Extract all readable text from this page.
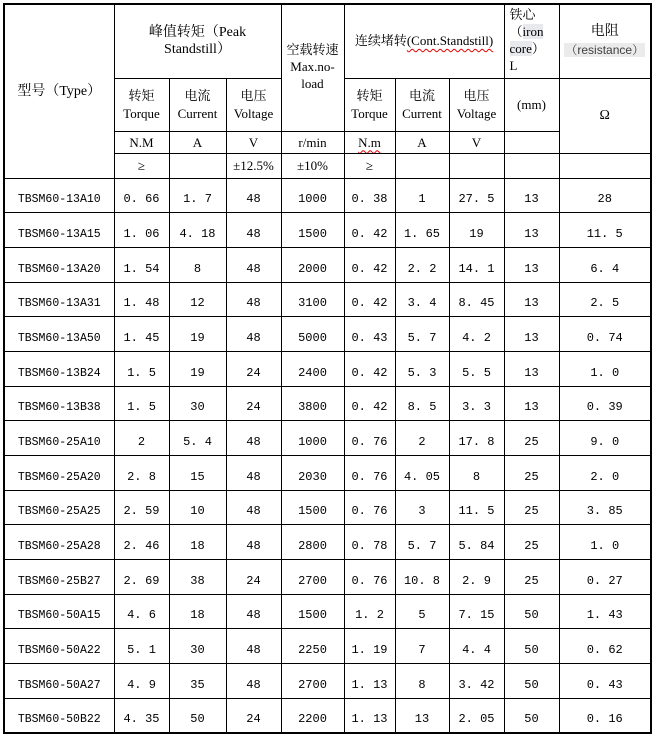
型号（Type）	峰值转矩（Peak Standstill）			空载转速 Max.no-load	连续堵转(Cont.Standstill)			铁心
（iron
core）
L	电阻
（resistance）
	转矩 Torque	电流 Current	电压 Voltage		转矩 Torque	电流 Current	电压 Voltage	(mm)	Ω
	N.M	A	V	r/min	N.m	A	V		
	≥		±12.5%	±10%	≥				
TBSM60-13A10	0. 66	1. 7	48	1000	0. 38	1	27. 5	13	28
TBSM60-13A15	1. 06	4. 18	48	1500	0. 42	1. 65	19	13	11. 5
TBSM60-13A20	1. 54	8	48	2000	0. 42	2. 2	14. 1	13	6. 4
TBSM60-13A31	1. 48	12	48	3100	0. 42	3. 4	8. 45	13	2. 5
TBSM60-13A50	1. 45	19	48	5000	0. 43	5. 7	4. 2	13	0. 74
TBSM60-13B24	1. 5	19	24	2400	0. 42	5. 3	5. 5	13	1. 0
TBSM60-13B38	1. 5	30	24	3800	0. 42	8. 5	3. 3	13	0. 39
TBSM60-25A10	2	5. 4	48	1000	0. 76	2	17. 8	25	9. 0
TBSM60-25A20	2. 8	15	48	2030	0. 76	4. 05	8	25	2. 0
TBSM60-25A25	2. 59	10	48	1500	0. 76	3	11. 5	25	3. 85
TBSM60-25A28	2. 46	18	48	2800	0. 78	5. 7	5. 84	25	1. 0
TBSM60-25B27	2. 69	38	24	2700	0. 76	10. 8	2. 9	25	0. 27
TBSM60-50A15	4. 6	18	48	1500	1. 2	5	7. 15	50	1. 43
TBSM60-50A22	5. 1	30	48	2250	1. 19	7	4. 4	50	0. 62
TBSM60-50A27	4. 9	35	48	2700	1. 13	8	3. 42	50	0. 43
TBSM60-50B22	4. 35	50	24	2200	1. 13	13	2. 05	50	0. 16
